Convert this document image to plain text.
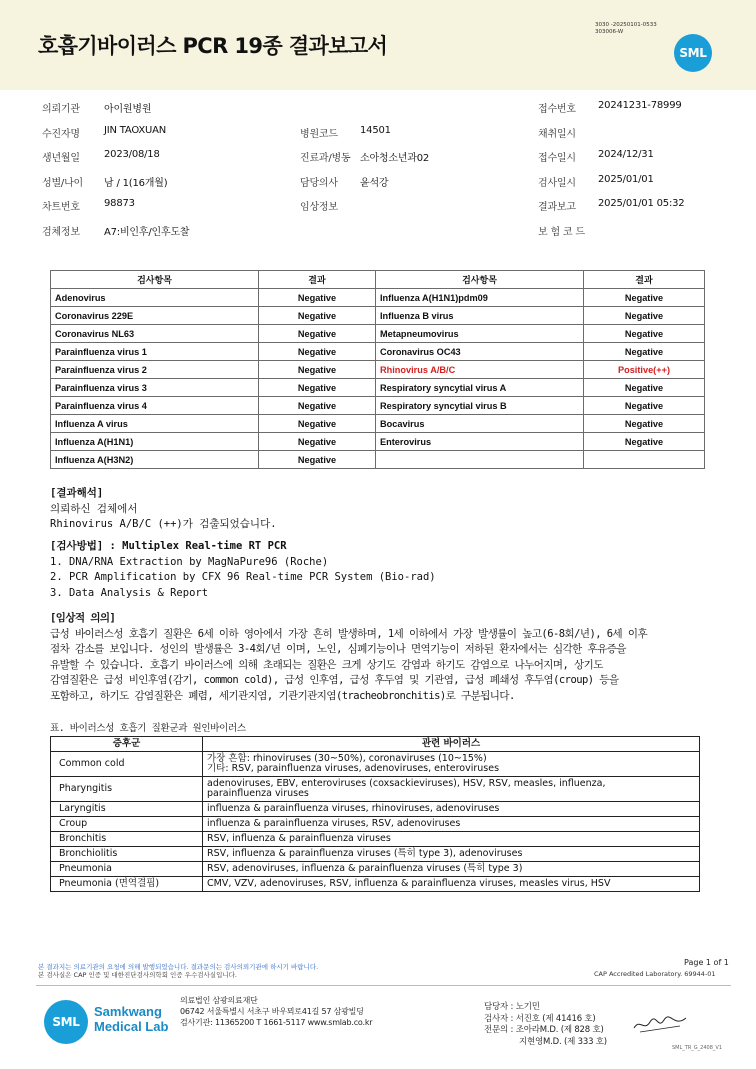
호흡기바이러스 PCR 19종 결과보고서
3030 -20250101-0533
303006-W
SML
의뢰기관 아이원병원	접수번호 20241231-78999
수진자명 JIN TAOXUAN	병원코드 14501	채취일시
생년월일 2023/08/18	진료과/병동 소아청소년과02	접수일시 2024/12/31
성별/나이 남 / 1(16개월)	담당의사 윤석강	검사일시 2025/01/01
차트번호 98873	임상정보	결과보고 2025/01/01 05:32
검체정보 A7:비인후/인후도찰	보 험 코 드
검사항목	결과	검사항목	결과
Adenovirus	Negative	Influenza A(H1N1)pdm09	Negative
Coronavirus 229E	Negative	Influenza B virus	Negative
Coronavirus NL63	Negative	Metapneumovirus	Negative
Parainfluenza virus 1	Negative	Coronavirus OC43	Negative
Parainfluenza virus 2	Negative	Rhinovirus A/B/C	Positive(++)
Parainfluenza virus 3	Negative	Respiratory syncytial virus A	Negative
Parainfluenza virus 4	Negative	Respiratory syncytial virus B	Negative
Influenza A virus	Negative	Bocavirus	Negative
Influenza A(H1N1)	Negative	Enterovirus	Negative
Influenza A(H3N2)	Negative		

[결과해석]

의뢰하신 검체에서

Rhinovirus A/B/C (++)가 검출되었습니다.

[검사방법] : Multiplex Real-time RT PCR

1. DNA/RNA Extraction by MagNaPure96 (Roche)

2. PCR Amplification by CFX 96 Real-time PCR System (Bio-rad)

3. Data Analysis & Report

[임상적 의의]

급성 바이러스성 호흡기 질환은 6세 이하 영아에서 가장 흔히 발생하며, 1세 이하에서 가장 발생률이 높고(6-8회/년), 6세 이후

점차 감소를 보입니다. 성인의 발생률은 3-4회/년 이며, 노인, 심폐기능이나 면역기능이 저하된 환자에서는 심각한 후유증을

유발할 수 있습니다. 호흡기 바이러스에 의해 초래되는 질환은 크게 상기도 감염과 하기도 감염으로 나누어지며, 상기도

감염질환은 급성 비인후염(감기, common cold), 급성 인후염, 급성 후두염 및 기관염, 급성 폐쇄성 후두염(croup) 등을

포함하고, 하기도 감염질환은 폐렴, 세기관지염, 기관기관지염(tracheobronchitis)로 구분됩니다.

표. 바이러스성 호흡기 질환군과 원인바이러스
증후군	관련 바이러스
Common cold	가장 흔함: rhinoviruses (30~50%), coronaviruses (10~15%)
기타: RSV, parainfluenza viruses, adenoviruses, enteroviruses

Pharyngitis	adenoviruses, EBV, enteroviruses (coxsackieviruses), HSV, RSV, measles, influenza,
parainfluenza viruses

Laryngitis	influenza & parainfluenza viruses, rhinoviruses, adenoviruses

Croup	influenza & parainfluenza viruses, RSV, adenoviruses

Bronchitis	RSV, influenza & parainfluenza viruses

Bronchiolitis	RSV, influenza & parainfluenza viruses (특히 type 3), adenoviruses

Pneumonia	RSV, adenoviruses, influenza & parainfluenza viruses (특히 type 3)

Pneumonia (면역결핍)	CMV, VZV, adenoviruses, RSV, influenza & parainfluenza viruses, measles virus, HSV
본 결과지는 의료기관의 요청에 의해 발행되었습니다. 결과문의는 검사의뢰기관에 하시기 바랍니다.
본 검사실은 CAP 인증 및 대한진단검사의학회 인증 우수검사실입니다.
Page 1 of 1
CAP Accredited Laboratory. 69944-01
SML
Samkwang
Medical Lab
의료법인 삼광의료재단
06742 서울특별시 서초구 바우뫼로41길 57 삼광빌딩
검사기관: 11365200 T 1661-5117 www.smlab.co.kr
담당자 : 노기민
검사자 : 서진호 (제 41416 호)
전문의 : 조아라M.D. (제 828 호)
지현영M.D. (제 333 호)
SML_TR_G_2408_V1
